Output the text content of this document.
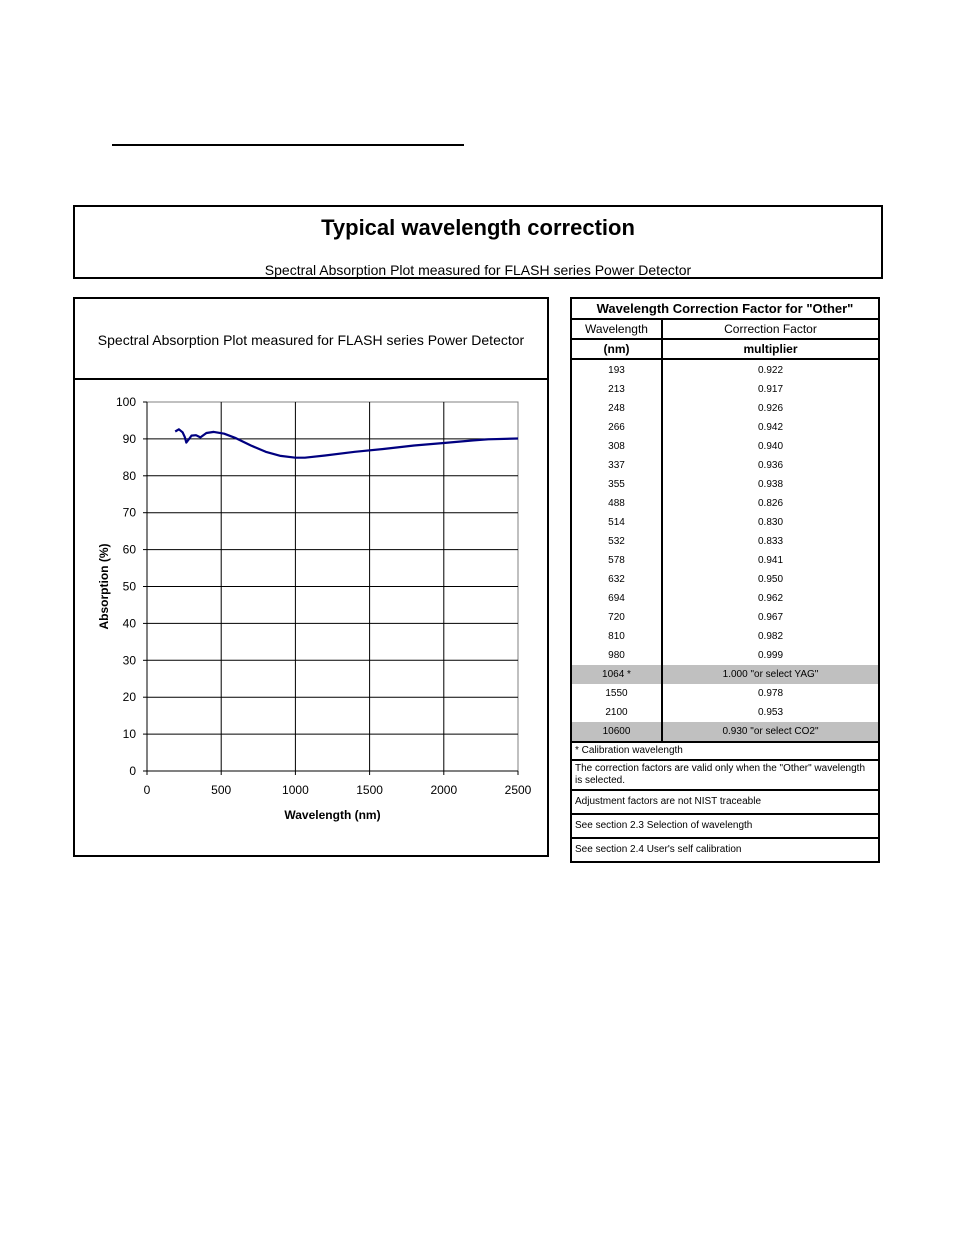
Typical wavelength correction
Spectral Absorption Plot measured for FLASH series Power Detector
Spectral Absorption Plot measured for FLASH series Power Detector
0
10
20
30
40
50
60
70
80
90
100
0	500	1000	1500	2000	2500
Wavelength (nm)
Absorption (%)
Wavelength Correction Factor for "Other"	
Wavelength	Correction Factor
(nm)	multiplier
193	0.922
213	0.917
248	0.926
266	0.942
308	0.940
337	0.936
355	0.938
488	0.826
514	0.830
532	0.833
578	0.941
632	0.950
694	0.962
720	0.967
810	0.982
980	0.999
1064 *	1.000 "or select YAG"
1550	0.978
2100	0.953
10600	0.930 "or select CO2"
* Calibration wavelength	
The correction factors are valid only when the "Other" wavelength is selected.	
Adjustment factors are not NIST traceable	
See section 2.3 Selection of wavelength	
See section 2.4 User's self calibration	
